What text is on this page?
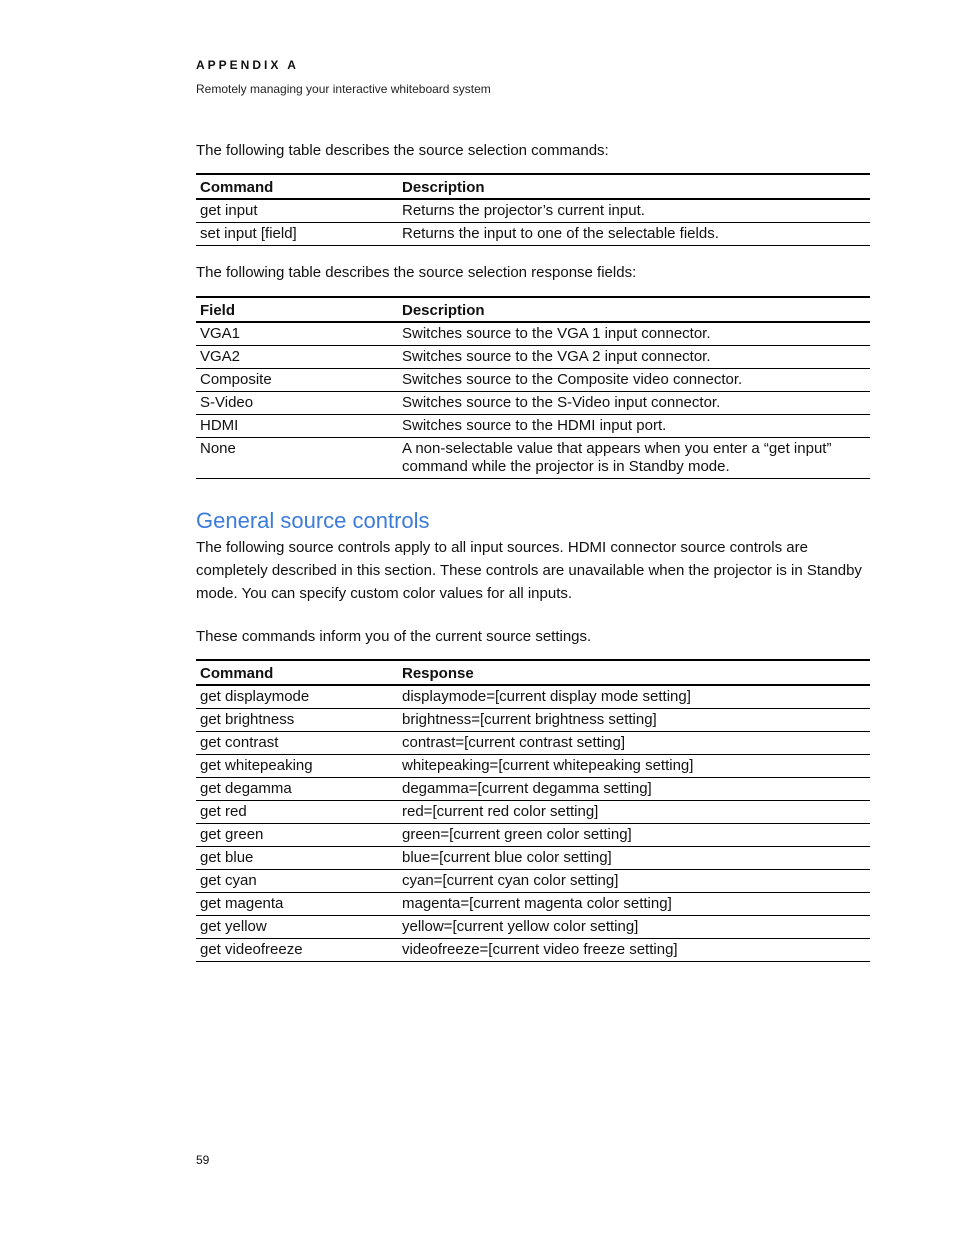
APPENDIX A
Remotely managing your interactive whiteboard system

The following table describes the source selection commands:

Command	Description
get input	Returns the projector’s current input.
set input [field]	Returns the input to one of the selectable fields.

The following table describes the source selection response fields:

Field	Description
VGA1	Switches source to the VGA 1 input connector.
VGA2	Switches source to the VGA 2 input connector.
Composite	Switches source to the Composite video connector.
S-Video	Switches source to the S-Video input connector.
HDMI	Switches source to the HDMI input port.
None	A non-selectable value that appears when you enter a “get input” command while the projector is in Standby mode.
General source controls

The following source controls apply to all input sources. HDMI connector source controls are completely described in this section. These controls are unavailable when the projector is in Standby mode. You can specify custom color values for all inputs.

These commands inform you of the current source settings.

Command	Response
get displaymode	displaymode=[current display mode setting]
get brightness	brightness=[current brightness setting]
get contrast	contrast=[current contrast setting]
get whitepeaking	whitepeaking=[current whitepeaking setting]
get degamma	degamma=[current degamma setting]
get red	red=[current red color setting]
get green	green=[current green color setting]
get blue	blue=[current blue color setting]
get cyan	cyan=[current cyan color setting]
get magenta	magenta=[current magenta color setting]
get yellow	yellow=[current yellow color setting]
get videofreeze	videofreeze=[current video freeze setting]
59
